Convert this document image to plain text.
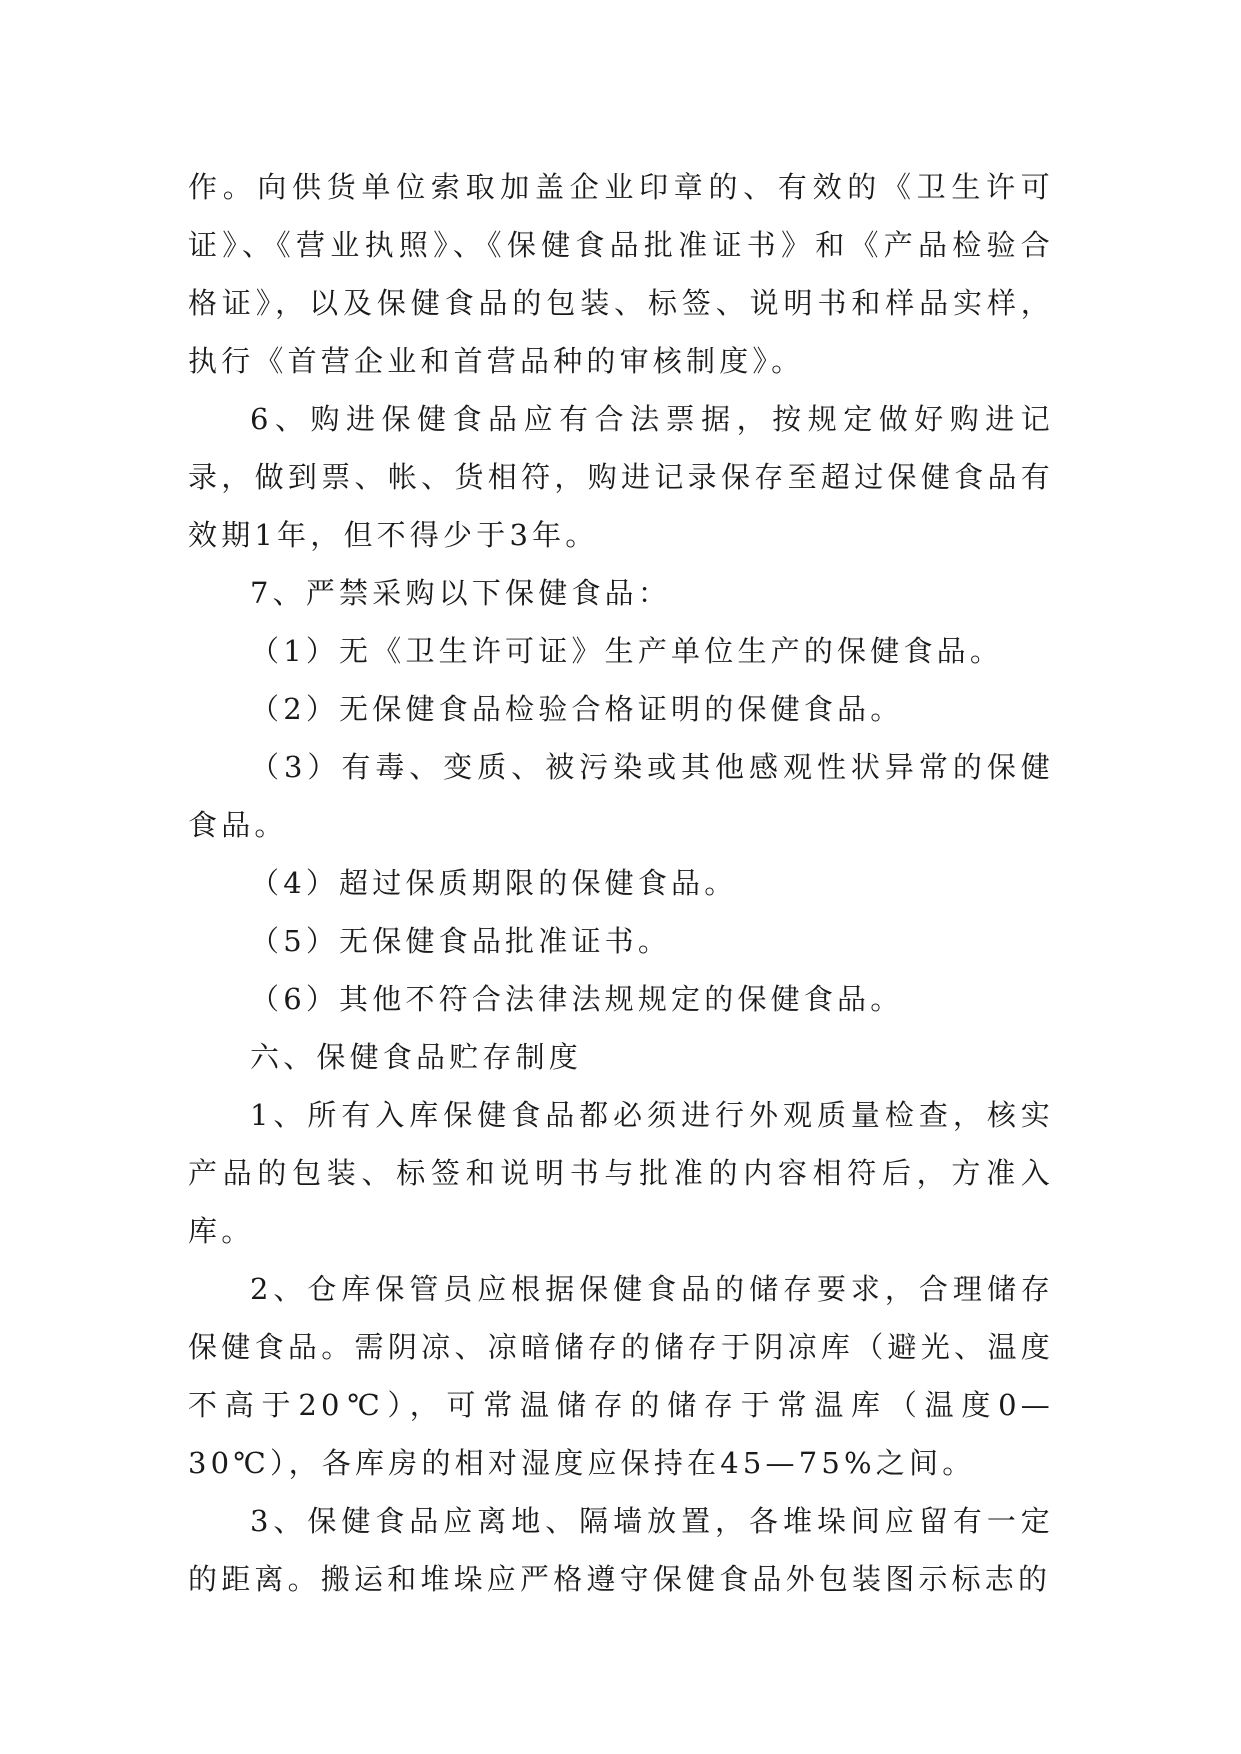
作。向供货单位索取加盖企业印章的、有效的《卫生许可证》、《营业执照》、《保健食品批准证书》和《产品检验合格证》，以及保健食品的包装、标签、说明书和样品实样，执行《首营企业和首营品种的审核制度》。

6、购进保健食品应有合法票据，按规定做好购进记录，做到票、帐、货相符，购进记录保存至超过保健食品有效期1年，但不得少于3年。

7、严禁采购以下保健食品：

（1）无《卫生许可证》生产单位生产的保健食品。

（2）无保健食品检验合格证明的保健食品。

（3）有毒、变质、被污染或其他感观性状异常的保健食品。

（4）超过保质期限的保健食品。

（5）无保健食品批准证书。

（6）其他不符合法律法规规定的保健食品。

六、保健食品贮存制度

1、所有入库保健食品都必须进行外观质量检查，核实产品的包装、标签和说明书与批准的内容相符后，方准入库。

2、仓库保管员应根据保健食品的储存要求，合理储存保健食品。需阴凉、凉暗储存的储存于阴凉库（避光、温度不高于20℃），可常温储存的储存于常温库（温度0—30℃），各库房的相对湿度应保持在45—75%之间。

3、保健食品应离地、隔墙放置，各堆垛间应留有一定的距离。搬运和堆垛应严格遵守保健食品外包装图示标志的
